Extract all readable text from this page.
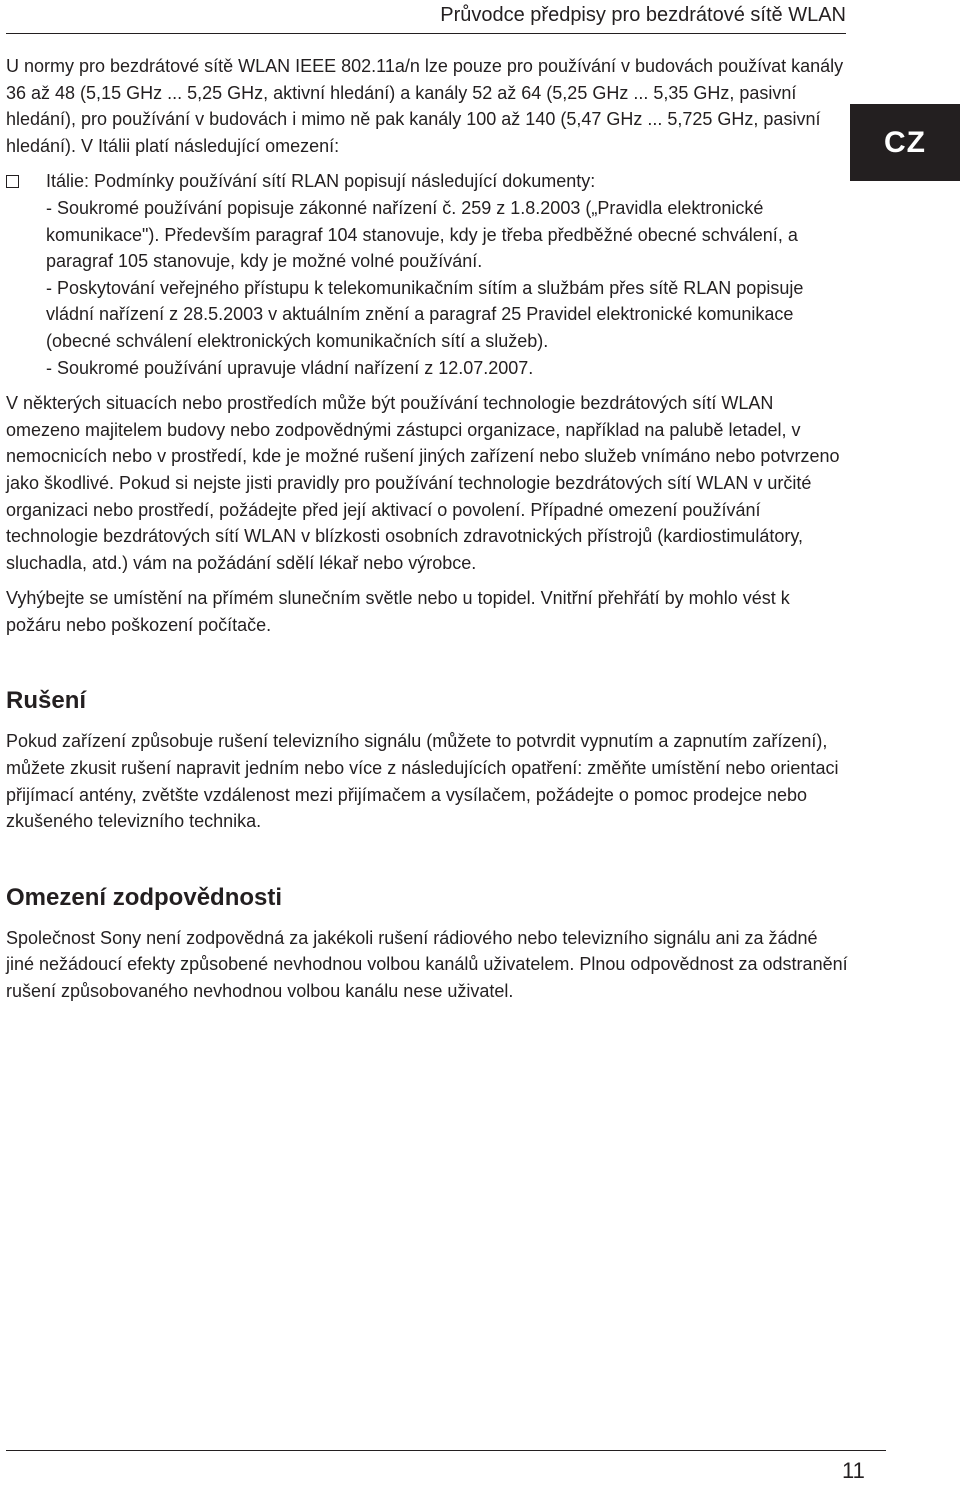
Průvodce předpisy pro bezdrátové sítě WLAN
CZ

U normy pro bezdrátové sítě WLAN IEEE 802.11a/n lze pouze pro používání v budovách používat kanály 36 až 48 (5,15 GHz ... 5,25 GHz, aktivní hledání) a kanály 52 až 64 (5,25 GHz ... 5,35 GHz, pasivní hledání), pro používání v budovách i mimo ně pak kanály 100 až 140 (5,47 GHz ... 5,725 GHz, pasivní hledání). V Itálii platí následující omezení:

Itálie: Podmínky používání sítí RLAN popisují následující dokumenty:

- Soukromé používání popisuje zákonné nařízení č. 259 z 1.8.2003 („Pravidla elektronické komunikace"). Především paragraf 104 stanovuje, kdy je třeba předběžné obecné schválení, a paragraf 105 stanovuje, kdy je možné volné používání.

- Poskytování veřejného přístupu k telekomunikačním sítím a službám přes sítě RLAN popisuje vládní nařízení z 28.5.2003 v aktuálním znění a paragraf 25 Pravidel elektronické komunikace (obecné schválení elektronických komunikačních sítí a služeb).

- Soukromé používání upravuje vládní nařízení z 12.07.2007.

V některých situacích nebo prostředích může být používání technologie bezdrátových sítí WLAN omezeno majitelem budovy nebo zodpovědnými zástupci organizace, například na palubě letadel, v nemocnicích nebo v prostředí, kde je možné rušení jiných zařízení nebo služeb vnímáno nebo potvrzeno jako škodlivé. Pokud si nejste jisti pravidly pro používání technologie bezdrátových sítí WLAN v určité organizaci nebo prostředí, požádejte před její aktivací o povolení. Případné omezení používání technologie bezdrátových sítí WLAN v blízkosti osobních zdravotnických přístrojů (kardiostimulátory, sluchadla, atd.) vám na požádání sdělí lékař nebo výrobce.

Vyhýbejte se umístění na přímém slunečním světle nebo u topidel. Vnitřní přehřátí by mohlo vést k požáru nebo poškození počítače.

Rušení

Pokud zařízení způsobuje rušení televizního signálu (můžete to potvrdit vypnutím a zapnutím zařízení), můžete zkusit rušení napravit jedním nebo více z následujících opatření: změňte umístění nebo orientaci přijímací antény, zvětšte vzdálenost mezi přijímačem a vysílačem, požádejte o pomoc prodejce nebo zkušeného televizního technika.

Omezení zodpovědnosti

Společnost Sony není zodpovědná za jakékoli rušení rádiového nebo televizního signálu ani za žádné jiné nežádoucí efekty způsobené nevhodnou volbou kanálů uživatelem. Plnou odpovědnost za odstranění rušení způsobovaného nevhodnou volbou kanálu nese uživatel.

11
